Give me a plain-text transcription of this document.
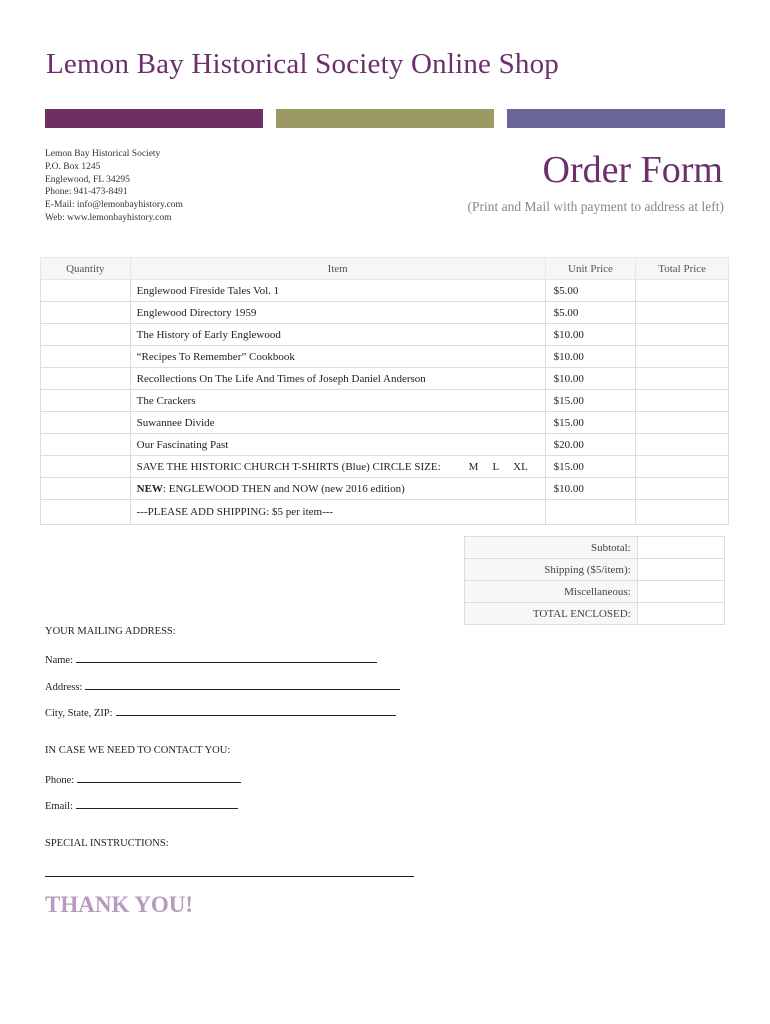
Lemon Bay Historical Society Online Shop
Lemon Bay Historical Society
P.O. Box 1245
Englewood, FL 34295
Phone: 941-473-8491
E-Mail: info@lemonbayhistory.com
Web: www.lemonbayhistory.com
Order Form
(Print and Mail with payment to address at left)
Quantity	Item	Unit Price	Total Price
	Englewood Fireside Tales Vol. 1	$5.00	
	Englewood Directory 1959	$5.00	
	The History of Early Englewood	$10.00	
	“Recipes To Remember” Cookbook	$10.00	
	Recollections On The Life And Times of Joseph Daniel Anderson	$10.00	
	The Crackers	$15.00	
	Suwannee Divide	$15.00	
	Our Fascinating Past	$20.00	
	SAVE THE HISTORIC CHURCH T-SHIRTS (Blue) CIRCLE SIZE: M L XL	$15.00	
	NEW: ENGLEWOOD THEN and NOW (new 2016 edition)	$10.00	
	---PLEASE ADD SHIPPING: $5 per item---		
Subtotal:	
Shipping ($5/item):	
Miscellaneous:	
TOTAL ENCLOSED:	
YOUR MAILING ADDRESS:
Name:
Address:
City, State, ZIP:
IN CASE WE NEED TO CONTACT YOU:
Phone:
Email:
SPECIAL INSTRUCTIONS:
THANK YOU!
